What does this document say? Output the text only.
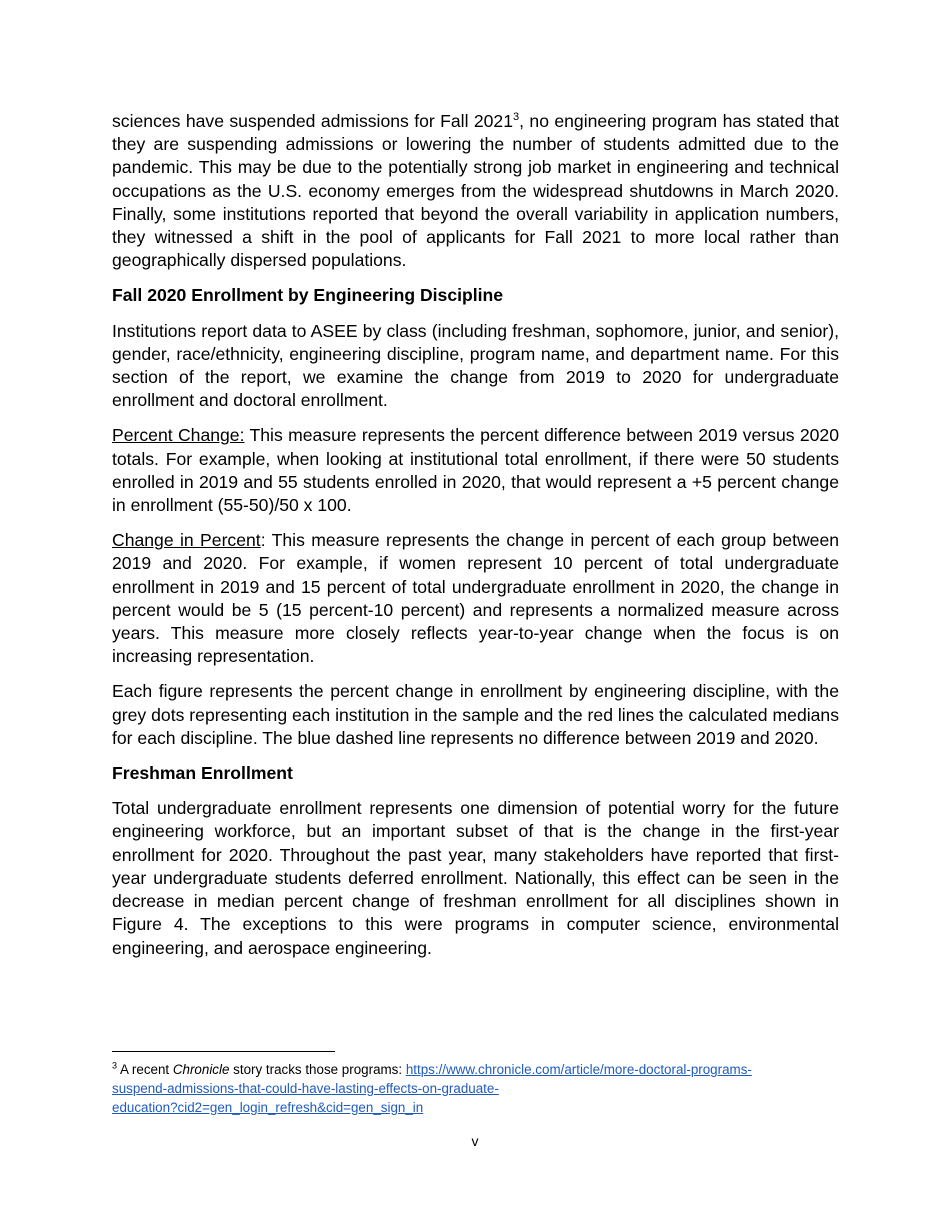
sciences have suspended admissions for Fall 2021$^3$, no engineering program has stated that they are suspending admissions or lowering the number of students admitted due to the pandemic. This may be due to the potentially strong job market in engineering and technical occupations as the U.S. economy emerges from the widespread shutdowns in March 2020. Finally, some institutions reported that beyond the overall variability in application numbers, they witnessed a shift in the pool of applicants for Fall 2021 to more local rather than geographically dispersed populations.

Fall 2020 Enrollment by Engineering Discipline

Institutions report data to ASEE by class (including freshman, sophomore, junior, and senior), gender, race/ethnicity, engineering discipline, program name, and department name. For this section of the report, we examine the change from 2019 to 2020 for undergraduate enrollment and doctoral enrollment.

Percent Change: This measure represents the percent difference between 2019 versus 2020 totals. For example, when looking at institutional total enrollment, if there were 50 students enrolled in 2019 and 55 students enrolled in 2020, that would represent a +5 percent change in enrollment (55-50)/50 x 100.

Change in Percent: This measure represents the change in percent of each group between 2019 and 2020. For example, if women represent 10 percent of total undergraduate enrollment in 2019 and 15 percent of total undergraduate enrollment in 2020, the change in percent would be 5 (15 percent-10 percent) and represents a normalized measure across years. This measure more closely reflects year-to-year change when the focus is on increasing representation.

Each figure represents the percent change in enrollment by engineering discipline, with the grey dots representing each institution in the sample and the red lines the calculated medians for each discipline. The blue dashed line represents no difference between 2019 and 2020.

Freshman Enrollment

Total undergraduate enrollment represents one dimension of potential worry for the future engineering workforce, but an important subset of that is the change in the first-year enrollment for 2020. Throughout the past year, many stakeholders have reported that first-year undergraduate students deferred enrollment. Nationally, this effect can be seen in the decrease in median percent change of freshman enrollment for all disciplines shown in Figure 4. The exceptions to this were programs in computer science, environmental engineering, and aerospace engineering.

$^3$ A recent Chronicle story tracks those programs: https://www.chronicle.com/article/more-doctoral-programs-
suspend-admissions-that-could-have-lasting-effects-on-graduate-
education?cid2=gen_login_refresh&cid=gen_sign_in
v
